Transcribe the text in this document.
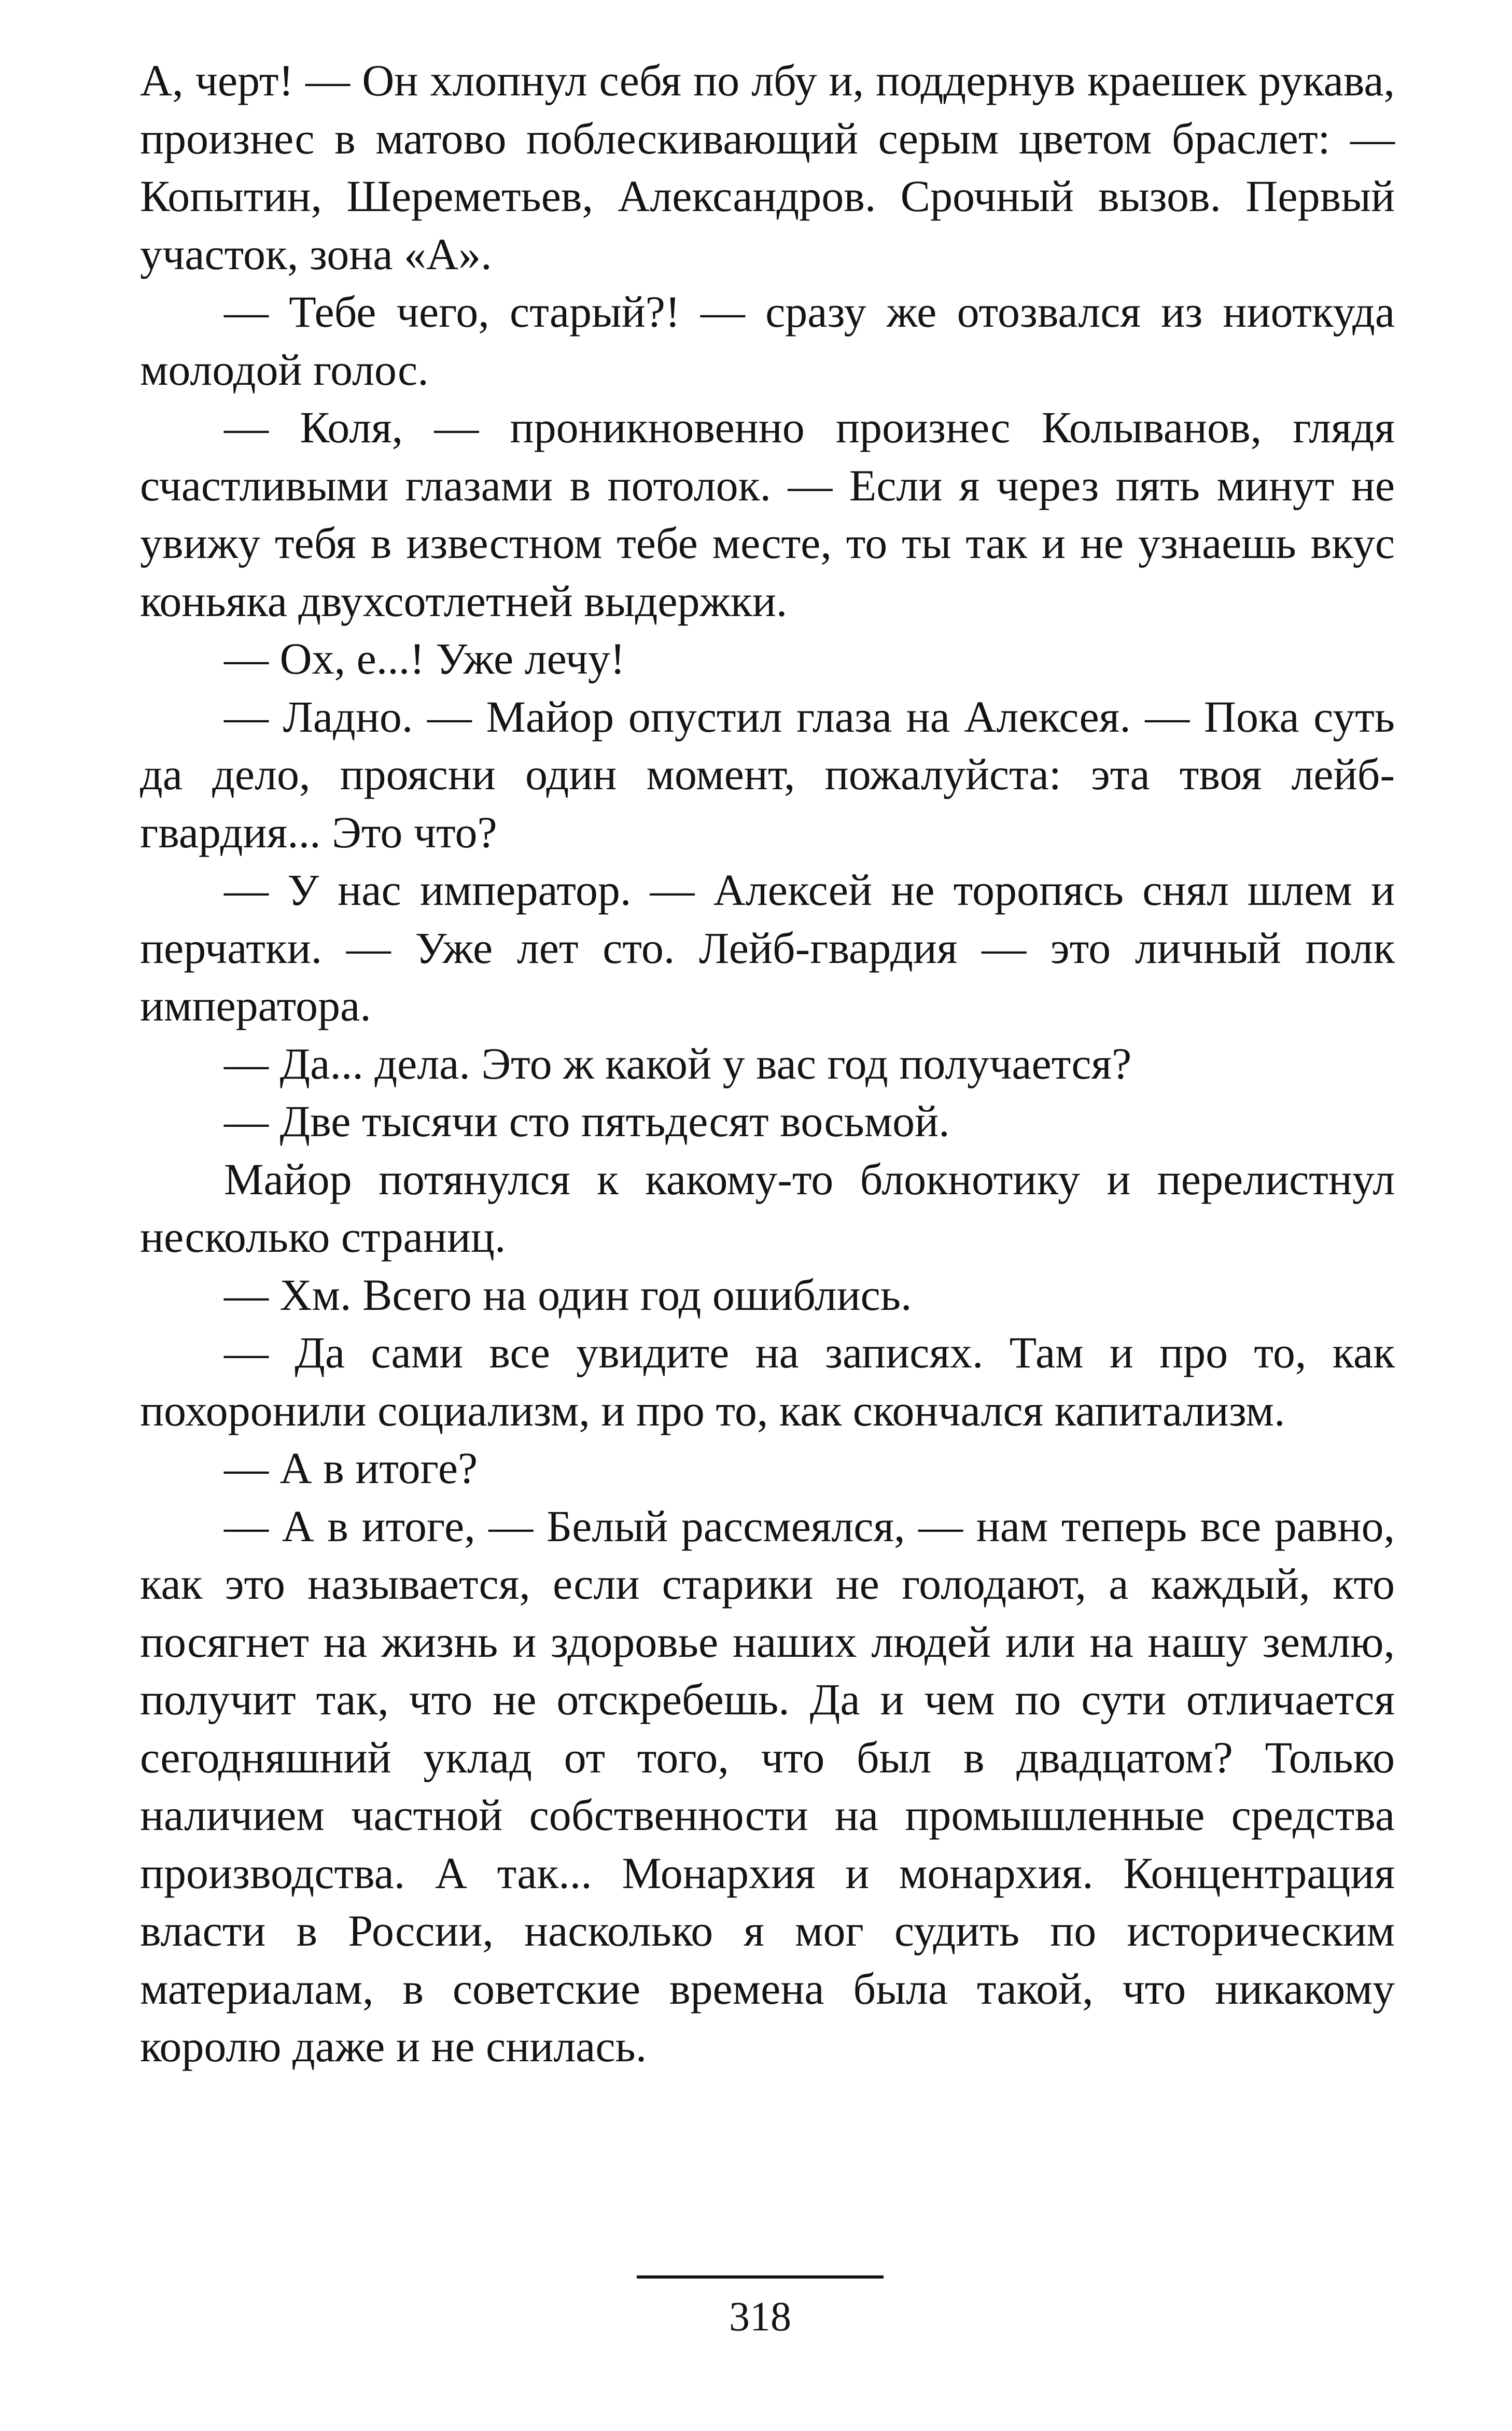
А, черт! — Он хлопнул себя по лбу и, поддернув краешек рукава, произнес в матово поблескивающий серым цветом браслет: — Копытин, Шереметьев, Александров. Срочный вызов. Первый участок, зона «А».

— Тебе чего, старый?! — сразу же отозвался из ниоткуда молодой голос.

— Коля, — проникновенно произнес Колыванов, глядя счастливыми глазами в потолок. — Если я через пять минут не увижу тебя в известном тебе месте, то ты так и не узнаешь вкус коньяка двухсотлетней выдержки.

— Ох, е...! Уже лечу!

— Ладно. — Майор опустил глаза на Алексея. — Пока суть да дело, проясни один момент, пожалуйста: эта твоя лейб-гвардия... Это что?

— У нас император. — Алексей не торопясь снял шлем и перчатки. — Уже лет сто. Лейб-гвардия — это личный полк императора.

— Да... дела. Это ж какой у вас год получается?

— Две тысячи сто пятьдесят восьмой.

Майор потянулся к какому-то блокнотику и перелистнул несколько страниц.

— Хм. Всего на один год ошиблись.

— Да сами все увидите на записях. Там и про то, как похоронили социализм, и про то, как скончался капитализм.

— А в итоге?

— А в итоге, — Белый рассмеялся, — нам теперь все равно, как это называется, если старики не голодают, а каждый, кто посягнет на жизнь и здоровье наших людей или на нашу землю, получит так, что не отскребешь. Да и чем по сути отличается сегодняшний уклад от того, что был в двадцатом? Только наличием частной собственности на промышленные средства производства. А так... Монархия и монархия. Концентрация власти в России, насколько я мог судить по историческим материалам, в советские времена была такой, что никакому королю даже и не снилась.

318
